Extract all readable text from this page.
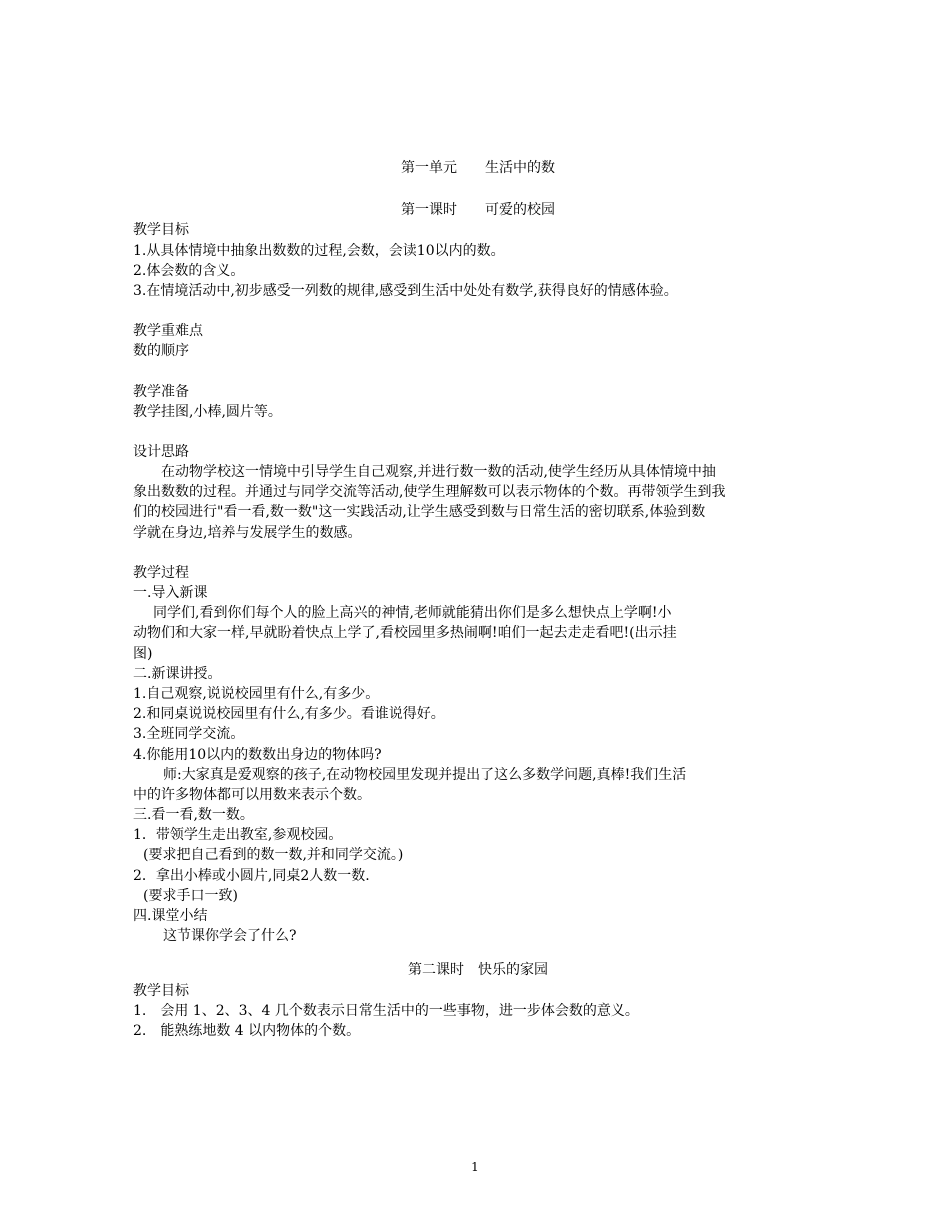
第一单元　　生活中的数
第一课时　　可爱的校园
教学目标
1.从具体情境中抽象出数数的过程,会数，会读10以内的数。
2.体会数的含义。
3.在情境活动中,初步感受一列数的规律,感受到生活中处处有数学,获得良好的情感体验。
教学重难点
数的顺序
教学准备
教学挂图,小棒,圆片等。
设计思路
在动物学校这一情境中引导学生自己观察,并进行数一数的活动,使学生经历从具体情境中抽
象出数数的过程。并通过与同学交流等活动,使学生理解数可以表示物体的个数。再带领学生到我
们的校园进行"看一看,数一数"这一实践活动,让学生感受到数与日常生活的密切联系,体验到数
学就在身边,培养与发展学生的数感。
教学过程
一.导入新课
同学们,看到你们每个人的脸上高兴的神情,老师就能猜出你们是多么想快点上学啊!小
动物们和大家一样,早就盼着快点上学了,看校园里多热闹啊!咱们一起去走走看吧!(出示挂
图)
二.新课讲授。
1.自己观察,说说校园里有什么,有多少。
2.和同桌说说校园里有什么,有多少。看谁说得好。
3.全班同学交流。
4.你能用10以内的数数出身边的物体吗?
师:大家真是爱观察的孩子,在动物校园里发现并提出了这么多数学问题,真棒!我们生活
中的许多物体都可以用数来表示个数。
三.看一看,数一数。
1．带领学生走出教室,参观校园。
(要求把自己看到的数一数,并和同学交流。)
2．拿出小棒或小圆片,同桌2人数一数.
(要求手口一致)
四.课堂小结
这节课你学会了什么?
第二课时　快乐的家园
教学目标
1.　会用 1、2、3、4 几个数表示日常生活中的一些事物，进一步体会数的意义。
2.　能熟练地数 4 以内物体的个数。
1
